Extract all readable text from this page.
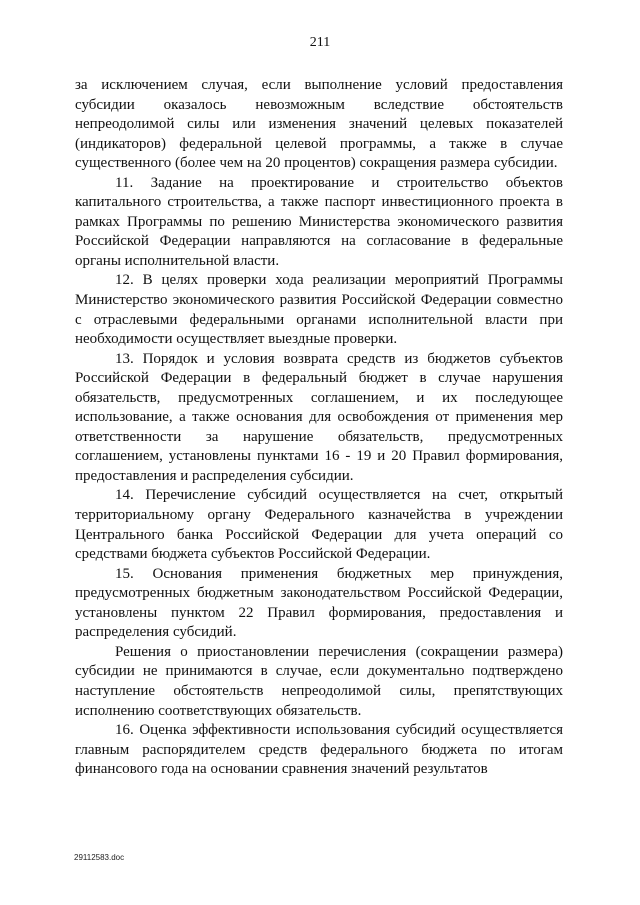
211

за исключением случая, если выполнение условий предоставления субсидии оказалось невозможным вследствие обстоятельств непреодолимой силы или изменения значений целевых показателей (индикаторов) федеральной целевой программы, а также в случае существенного (более чем на 20 процентов) сокращения размера субсидии.

11. Задание на проектирование и строительство объектов капитального строительства, а также паспорт инвестиционного проекта в рамках Программы по решению Министерства экономического развития Российской Федерации направляются на согласование в федеральные органы исполнительной власти.

12. В целях проверки хода реализации мероприятий Программы Министерство экономического развития Российской Федерации совместно с отраслевыми федеральными органами исполнительной власти при необходимости осуществляет выездные проверки.

13. Порядок и условия возврата средств из бюджетов субъектов Российской Федерации в федеральный бюджет в случае нарушения обязательств, предусмотренных соглашением, и их последующее использование, а также основания для освобождения от применения мер ответственности за нарушение обязательств, предусмотренных соглашением, установлены пунктами 16 - 19 и 20 Правил формирования, предоставления и распределения субсидии.

14. Перечисление субсидий осуществляется на счет, открытый территориальному органу Федерального казначейства в учреждении Центрального банка Российской Федерации для учета операций со средствами бюджета субъектов Российской Федерации.

15. Основания применения бюджетных мер принуждения, предусмотренных бюджетным законодательством Российской Федерации, установлены пунктом 22 Правил формирования, предоставления и распределения субсидий.

Решения о приостановлении перечисления (сокращении размера) субсидии не принимаются в случае, если документально подтверждено наступление обстоятельств непреодолимой силы, препятствующих исполнению соответствующих обязательств.

16. Оценка эффективности использования субсидий осуществляется главным распорядителем средств федерального бюджета по итогам финансового года на основании сравнения значений результатов

29112583.doc
